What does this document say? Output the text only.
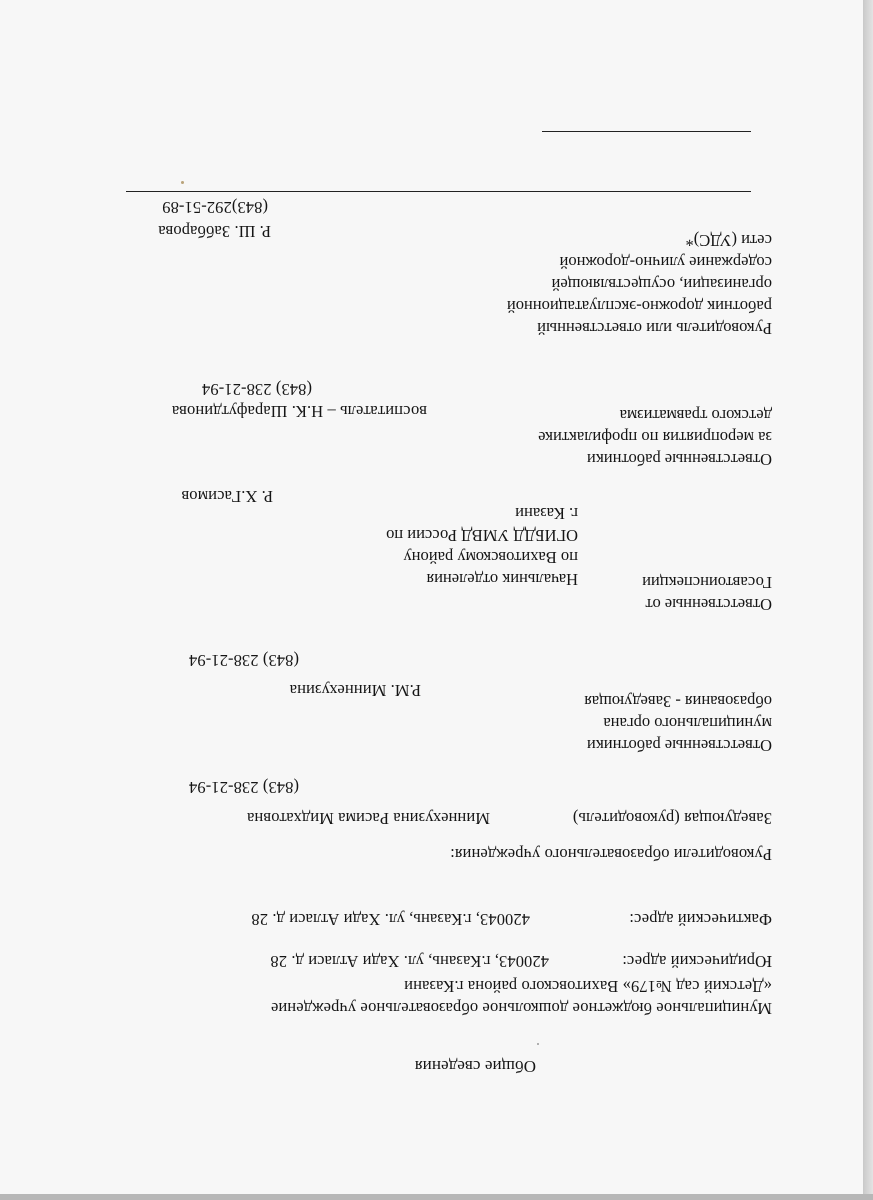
Общие сведения
Муниципальное бюджетное дошкольное образовательное учреждение
«Детский сад №179» Вахитовского района г.Казани
Юридический адрес:
420043, г.Казань, ул. Хади Атласи д. 28
Фактический адрес:
420043, г.Казань, ул. Хади Атласи д. 28
Руководители образовательного учреждения:
Заведующая (руководитель)
Миннехузина Расима Мидхатовна
(843) 238-21-94
Ответственные работники
муниципального органа
образования - Заведующая
Р.М. Миннехузина
(843) 238-21-94
Ответственные от
Госавтоинспекции
Начальник отделения
по Вахитовскому району
ОГИБДД УМВД России по
г. Казани
Р. Х.Гасимов
Ответственные работники
за мероприятия по профилактике
детского травматизма
воспитатель – Н.К. Шарафутдинова
(843) 238-21-94
Руководитель или ответственный
работник дорожно-эксплуатационной
организации, осуществляющей
содержание улично-дорожной
сети (УДС)*
Р. Ш. Заббарова
(843)292-51-89
